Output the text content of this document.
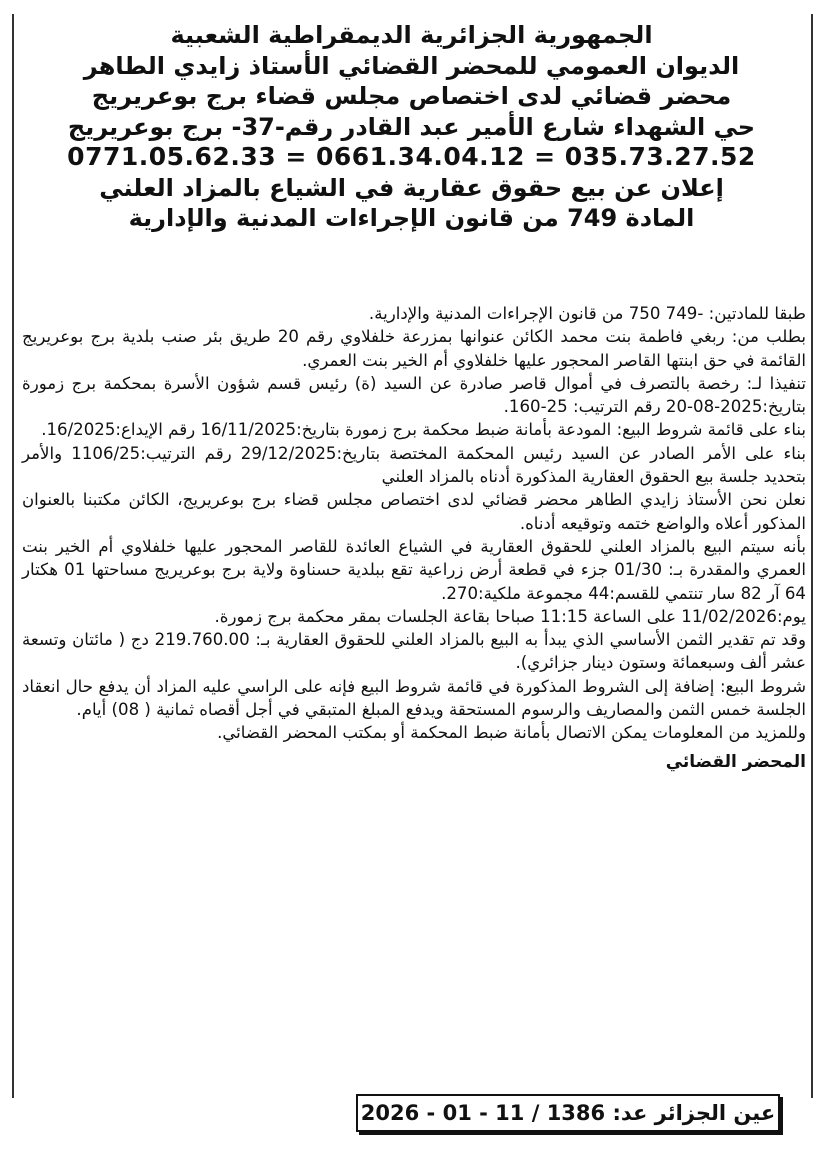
الجمهورية الجزائرية الديمقراطية الشعبية
الديوان العمومي للمحضر القضائي الأستاذ زايدي الطاهر
محضر قضائي لدى اختصاص مجلس قضاء برج بوعريريج
حي الشهداء شارع الأمير عبد القادر رقم-37- برج بوعريريج
0771.05.62.33 = 0661.34.04.12 = 035.73.27.52
إعلان عن بيع حقوق عقارية في الشياع بالمزاد العلني
المادة 749 من قانون الإجراءات المدنية والإدارية

طبقا للمادتين: -749 750 من قانون الإجراءات المدنية والإدارية.

بطلب من: ربغي فاطمة بنت محمد الكائن عنوانها بمزرعة خلفلاوي رقم 20 طريق بئر صنب بلدية برج بوعريريج القائمة في حق ابنتها القاصر المحجور عليها خلفلاوي أم الخير بنت العمري.

تنفيذا لـ: رخصة بالتصرف في أموال قاصر صادرة عن السيد (ة) رئيس قسم شؤون الأسرة بمحكمة برج زمورة بتاريخ:2025-08-20 رقم الترتيب: 25-160.

بناء على قائمة شروط البيع: المودعة بأمانة ضبط محكمة برج زمورة بتاريخ:16/11/2025 رقم الإيداع:16/2025.

بناء على الأمر الصادر عن السيد رئيس المحكمة المختصة بتاريخ:29/12/2025 رقم الترتيب:1106/25 والأمر بتحديد جلسة بيع الحقوق العقارية المذكورة أدناه بالمزاد العلني

نعلن نحن الأستاذ زايدي الطاهر محضر قضائي لدى اختصاص مجلس قضاء برج بوعريريج، الكائن مكتبنا بالعنوان المذكور أعلاه والواضع ختمه وتوقيعه أدناه.

بأنه سيتم البيع بالمزاد العلني للحقوق العقارية في الشياع العائدة للقاصر المحجور عليها خلفلاوي أم الخير بنت العمري والمقدرة بـ: 01/30 جزء في قطعة أرض زراعية تقع ببلدية حسناوة ولاية برج بوعريريج مساحتها 01 هكتار 64 آر 82 سار تنتمي للقسم:44 مجموعة ملكية:270.

يوم:11/02/2026 على الساعة 11:15 صباحا بقاعة الجلسات بمقر محكمة برج زمورة.

وقد تم تقدير الثمن الأساسي الذي يبدأ به البيع بالمزاد العلني للحقوق العقارية بـ: 219.760.00 دج ( مائتان وتسعة عشر ألف وسبعمائة وستون دينار جزائري).

شروط البيع: إضافة إلى الشروط المذكورة في قائمة شروط البيع فإنه على الراسي عليه المزاد أن يدفع حال انعقاد الجلسة خمس الثمن والمصاريف والرسوم المستحقة ويدفع المبلغ المتبقي في أجل أقصاه ثمانية ( 08) أيام.

وللمزيد من المعلومات يمكن الاتصال بأمانة ضبط المحكمة أو بمكتب المحضر القضائي.

المحضر القضائي

عين الجزائر عد: 1386 / 11 - 01 - 2026
